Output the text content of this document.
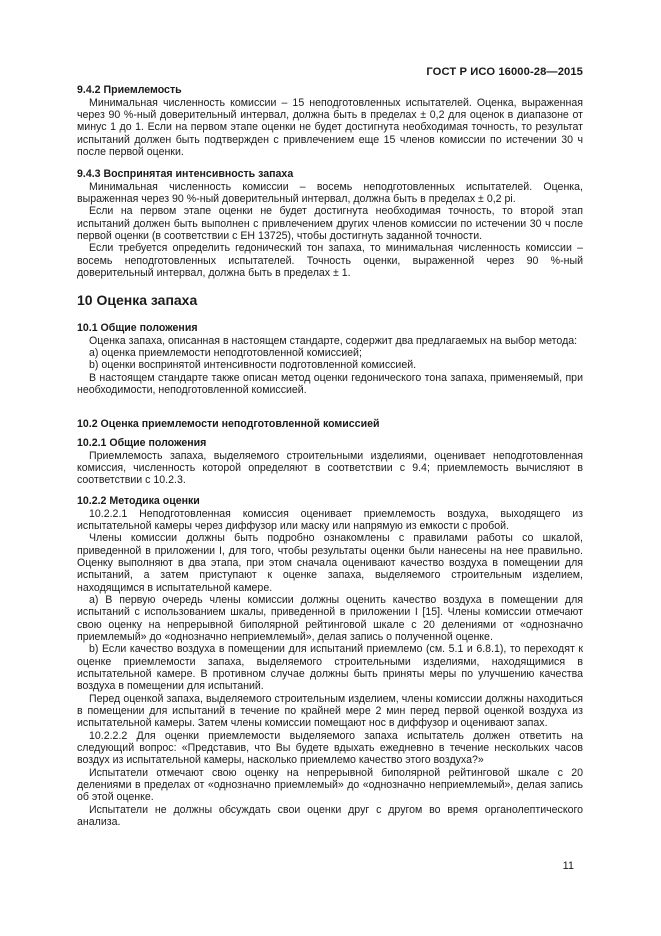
ГОСТ Р ИСО 16000-28—2015
9.4.2 Приемлемость

Минимальная численность комиссии – 15 неподготовленных испытателей. Оценка, выраженная через 90 %-ный доверительный интервал, должна быть в пределах ± 0,2 для оценок в диапазоне от минус 1 до 1. Если на первом этапе оценки не будет достигнута необходимая точность, то результат испытаний должен быть подтвержден с привлечением еще 15 членов комиссии по истечении 30 ч после первой оценки.

9.4.3 Воспринятая интенсивность запаха

Минимальная численность комиссии – восемь неподготовленных испытателей. Оценка, выраженная через 90 %-ный доверительный интервал, должна быть в пределах ± 0,2 pi.

Если на первом этапе оценки не будет достигнута необходимая точность, то второй этап испытаний должен быть выполнен с привлечением других членов комиссии по истечении 30 ч после первой оценки (в соответствии с ЕН 13725), чтобы достигнуть заданной точности.

Если требуется определить гедонический тон запаха, то минимальная численность комиссии – восемь неподготовленных испытателей. Точность оценки, выраженной через 90 %-ный доверительный интервал, должна быть в пределах ± 1.

10 Оценка запаха
10.1 Общие положения

Оценка запаха, описанная в настоящем стандарте, содержит два предлагаемых на выбор метода:

a) оценка приемлемости неподготовленной комиссией;
b) оценки воспринятой интенсивности подготовленной комиссией.

В настоящем стандарте также описан метод оценки гедонического тона запаха, применяемый, при необходимости, неподготовленной комиссией.

10.2 Оценка приемлемости неподготовленной комиссией
10.2.1 Общие положения

Приемлемость запаха, выделяемого строительными изделиями, оценивает неподготовленная комиссия, численность которой определяют в соответствии с 9.4; приемлемость вычисляют в соответствии с 10.2.3.

10.2.2 Методика оценки

10.2.2.1 Неподготовленная комиссия оценивает приемлемость воздуха, выходящего из испытательной камеры через диффузор или маску или напрямую из емкости с пробой.

Члены комиссии должны быть подробно ознакомлены с правилами работы со шкалой, приведенной в приложении I, для того, чтобы результаты оценки были нанесены на нее правильно. Оценку выполняют в два этапа, при этом сначала оценивают качество воздуха в помещении для испытаний, а затем приступают к оценке запаха, выделяемого строительным изделием, находящимся в испытательной камере.

a) В первую очередь члены комиссии должны оценить качество воздуха в помещении для испытаний с использованием шкалы, приведенной в приложении I [15]. Члены комиссии отмечают свою оценку на непрерывной биполярной рейтинговой шкале с 20 делениями от «однозначно приемлемый» до «однозначно неприемлемый», делая запись о полученной оценке.

b) Если качество воздуха в помещении для испытаний приемлемо (см. 5.1 и 6.8.1), то переходят к оценке приемлемости запаха, выделяемого строительными изделиями, находящимися в испытательной камере. В противном случае должны быть приняты меры по улучшению качества воздуха в помещении для испытаний.

Перед оценкой запаха, выделяемого строительным изделием, члены комиссии должны находиться в помещении для испытаний в течение по крайней мере 2 мин перед первой оценкой воздуха из испытательной камеры. Затем члены комиссии помещают нос в диффузор и оценивают запах.

10.2.2.2 Для оценки приемлемости выделяемого запаха испытатель должен ответить на следующий вопрос: «Представив, что Вы будете вдыхать ежедневно в течение нескольких часов воздух из испытательной камеры, насколько приемлемо качество этого воздуха?»

Испытатели отмечают свою оценку на непрерывной биполярной рейтинговой шкале с 20 делениями в пределах от «однозначно приемлемый» до «однозначно неприемлемый», делая запись об этой оценке.

Испытатели не должны обсуждать свои оценки друг с другом во время органолептического анализа.

11
